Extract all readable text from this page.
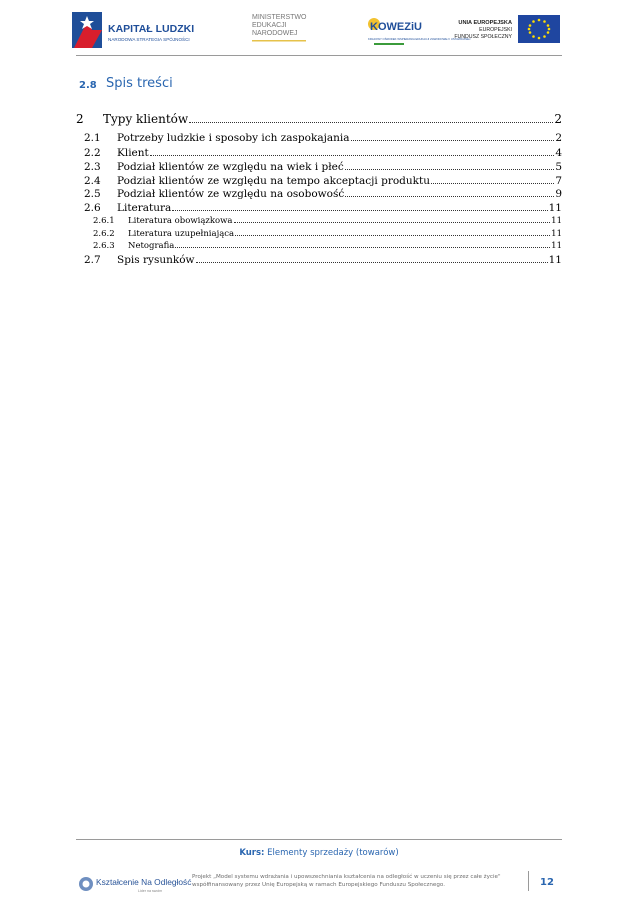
KAPITAŁ LUDZKI
NARODOWA STRATEGIA SPÓJNOŚCI
MINISTERSTWO
EDUKACJI
NARODOWEJ
KOWEZiU
KRAJOWY OŚRODEK WSPIERANIA EDUKACJI ZAWODOWEJ I USTAWICZNEJ
UNIA EUROPEJSKA
EUROPEJSKI
FUNDUSZ SPOŁECZNY
2.8 Spis treści
2	Typy klientów	2
2.1	Potrzeby ludzkie i sposoby ich zaspokajania	2
2.2	Klient	4
2.3	Podział klientów ze względu na wiek i płeć	5
2.4	Podział klientów ze względu na tempo akceptacji produktu	7
2.5	Podział klientów ze względu na osobowość	9
2.6	Literatura	11
2.6.1	Literatura obowiązkowa	11
2.6.2	Literatura uzupełniająca	11
2.6.3	Netografia	11
2.7	Spis rysunków	11
Kurs: Elementy sprzedaży (towarów)
Kształcenie Na Odległość
Lider na swoim
Projekt „Model systemu wdrażania i upowszechniania kształcenia na odległość w uczeniu się przez całe życie"
współfinansowany przez Unię Europejską w ramach Europejskiego Funduszu Społecznego.	12
